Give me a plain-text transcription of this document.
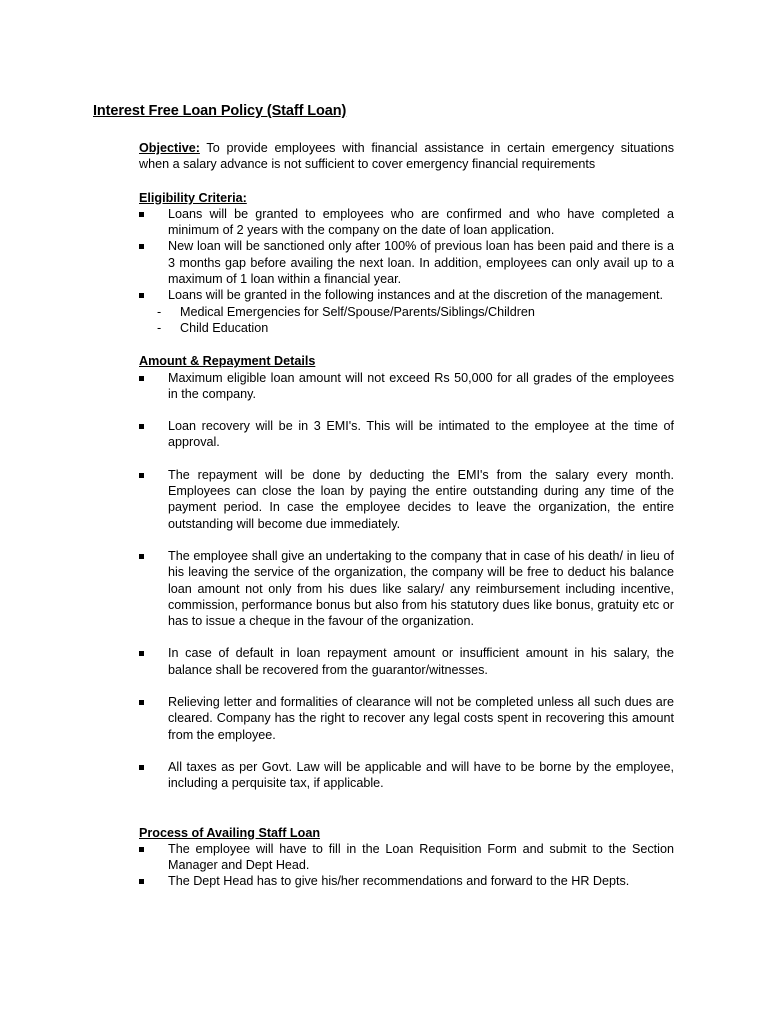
Interest Free Loan Policy (Staff Loan)

Objective: To provide employees with financial assistance in certain emergency situations when a salary advance is not sufficient to cover emergency financial requirements

Eligibility Criteria:

Loans will be granted to employees who are confirmed and who have completed a minimum of 2 years with the company on the date of loan application.
New loan will be sanctioned only after 100% of previous loan has been paid and there is a 3 months gap before availing the next loan. In addition, employees can only avail up to a maximum of 1 loan within a financial year.
Loans will be granted in the following instances and at the discretion of the management.
- Medical Emergencies for Self/Spouse/Parents/Siblings/Children
- Child Education

Amount & Repayment Details

Maximum eligible loan amount will not exceed Rs 50,000 for all grades of the employees in the company.
Loan recovery will be in 3 EMI's. This will be intimated to the employee at the time of approval.
The repayment will be done by deducting the EMI's from the salary every month. Employees can close the loan by paying the entire outstanding during any time of the payment period. In case the employee decides to leave the organization, the entire outstanding will become due immediately.
The employee shall give an undertaking to the company that in case of his death/ in lieu of his leaving the service of the organization, the company will be free to deduct his balance loan amount not only from his dues like salary/ any reimbursement including incentive, commission, performance bonus but also from his statutory dues like bonus, gratuity etc or has to issue a cheque in the favour of the organization.
In case of default in loan repayment amount or insufficient amount in his salary, the balance shall be recovered from the guarantor/witnesses.
Relieving letter and formalities of clearance will not be completed unless all such dues are cleared. Company has the right to recover any legal costs spent in recovering this amount from the employee.
All taxes as per Govt. Law will be applicable and will have to be borne by the employee, including a perquisite tax, if applicable.

Process of Availing Staff Loan

The employee will have to fill in the Loan Requisition Form and submit to the Section Manager and Dept Head.
The Dept Head has to give his/her recommendations and forward to the HR Depts.
